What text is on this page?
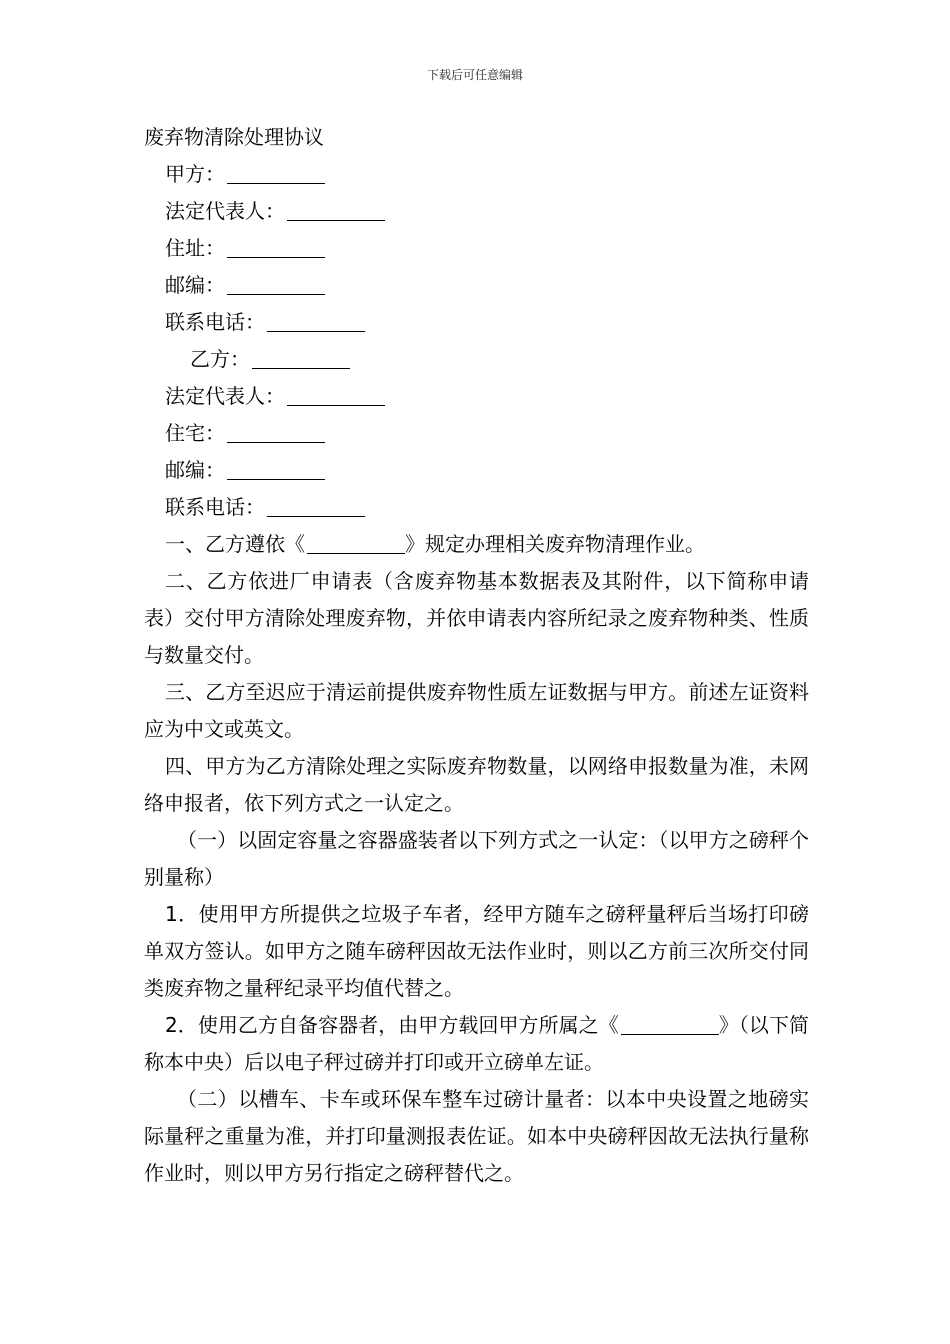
下载后可任意编辑
废弃物清除处理协议
甲方：
法定代表人：
住址：
邮编：
联系电话：
乙方：
法定代表人：
住宅：
邮编：
联系电话：

一、乙方遵依《	》规定办理相关废弃物清理作业。

二、乙方依进厂申请表（含废弃物基本数据表及其附件，以下简称申请表）交付甲方清除处理废弃物，并依申请表内容所纪录之废弃物种类、性质与数量交付。

三、乙方至迟应于清运前提供废弃物性质左证数据与甲方。前述左证资料应为中文或英文。

四、甲方为乙方清除处理之实际废弃物数量，以网络申报数量为准，未网络申报者，依下列方式之一认定之。

（一）以固定容量之容器盛装者以下列方式之一认定：（以甲方之磅秤个别量称）

1．使用甲方所提供之垃圾子车者，经甲方随车之磅秤量秤后当场打印磅单双方签认。如甲方之随车磅秤因故无法作业时，则以乙方前三次所交付同类废弃物之量秤纪录平均值代替之。

2．使用乙方自备容器者，由甲方载回甲方所属之《	》（以下简称本中央）后以电子秤过磅并打印或开立磅单左证。

（二）以槽车、卡车或环保车整车过磅计量者：以本中央设置之地磅实际量秤之重量为准，并打印量测报表佐证。如本中央磅秤因故无法执行量称作业时，则以甲方另行指定之磅秤替代之。
